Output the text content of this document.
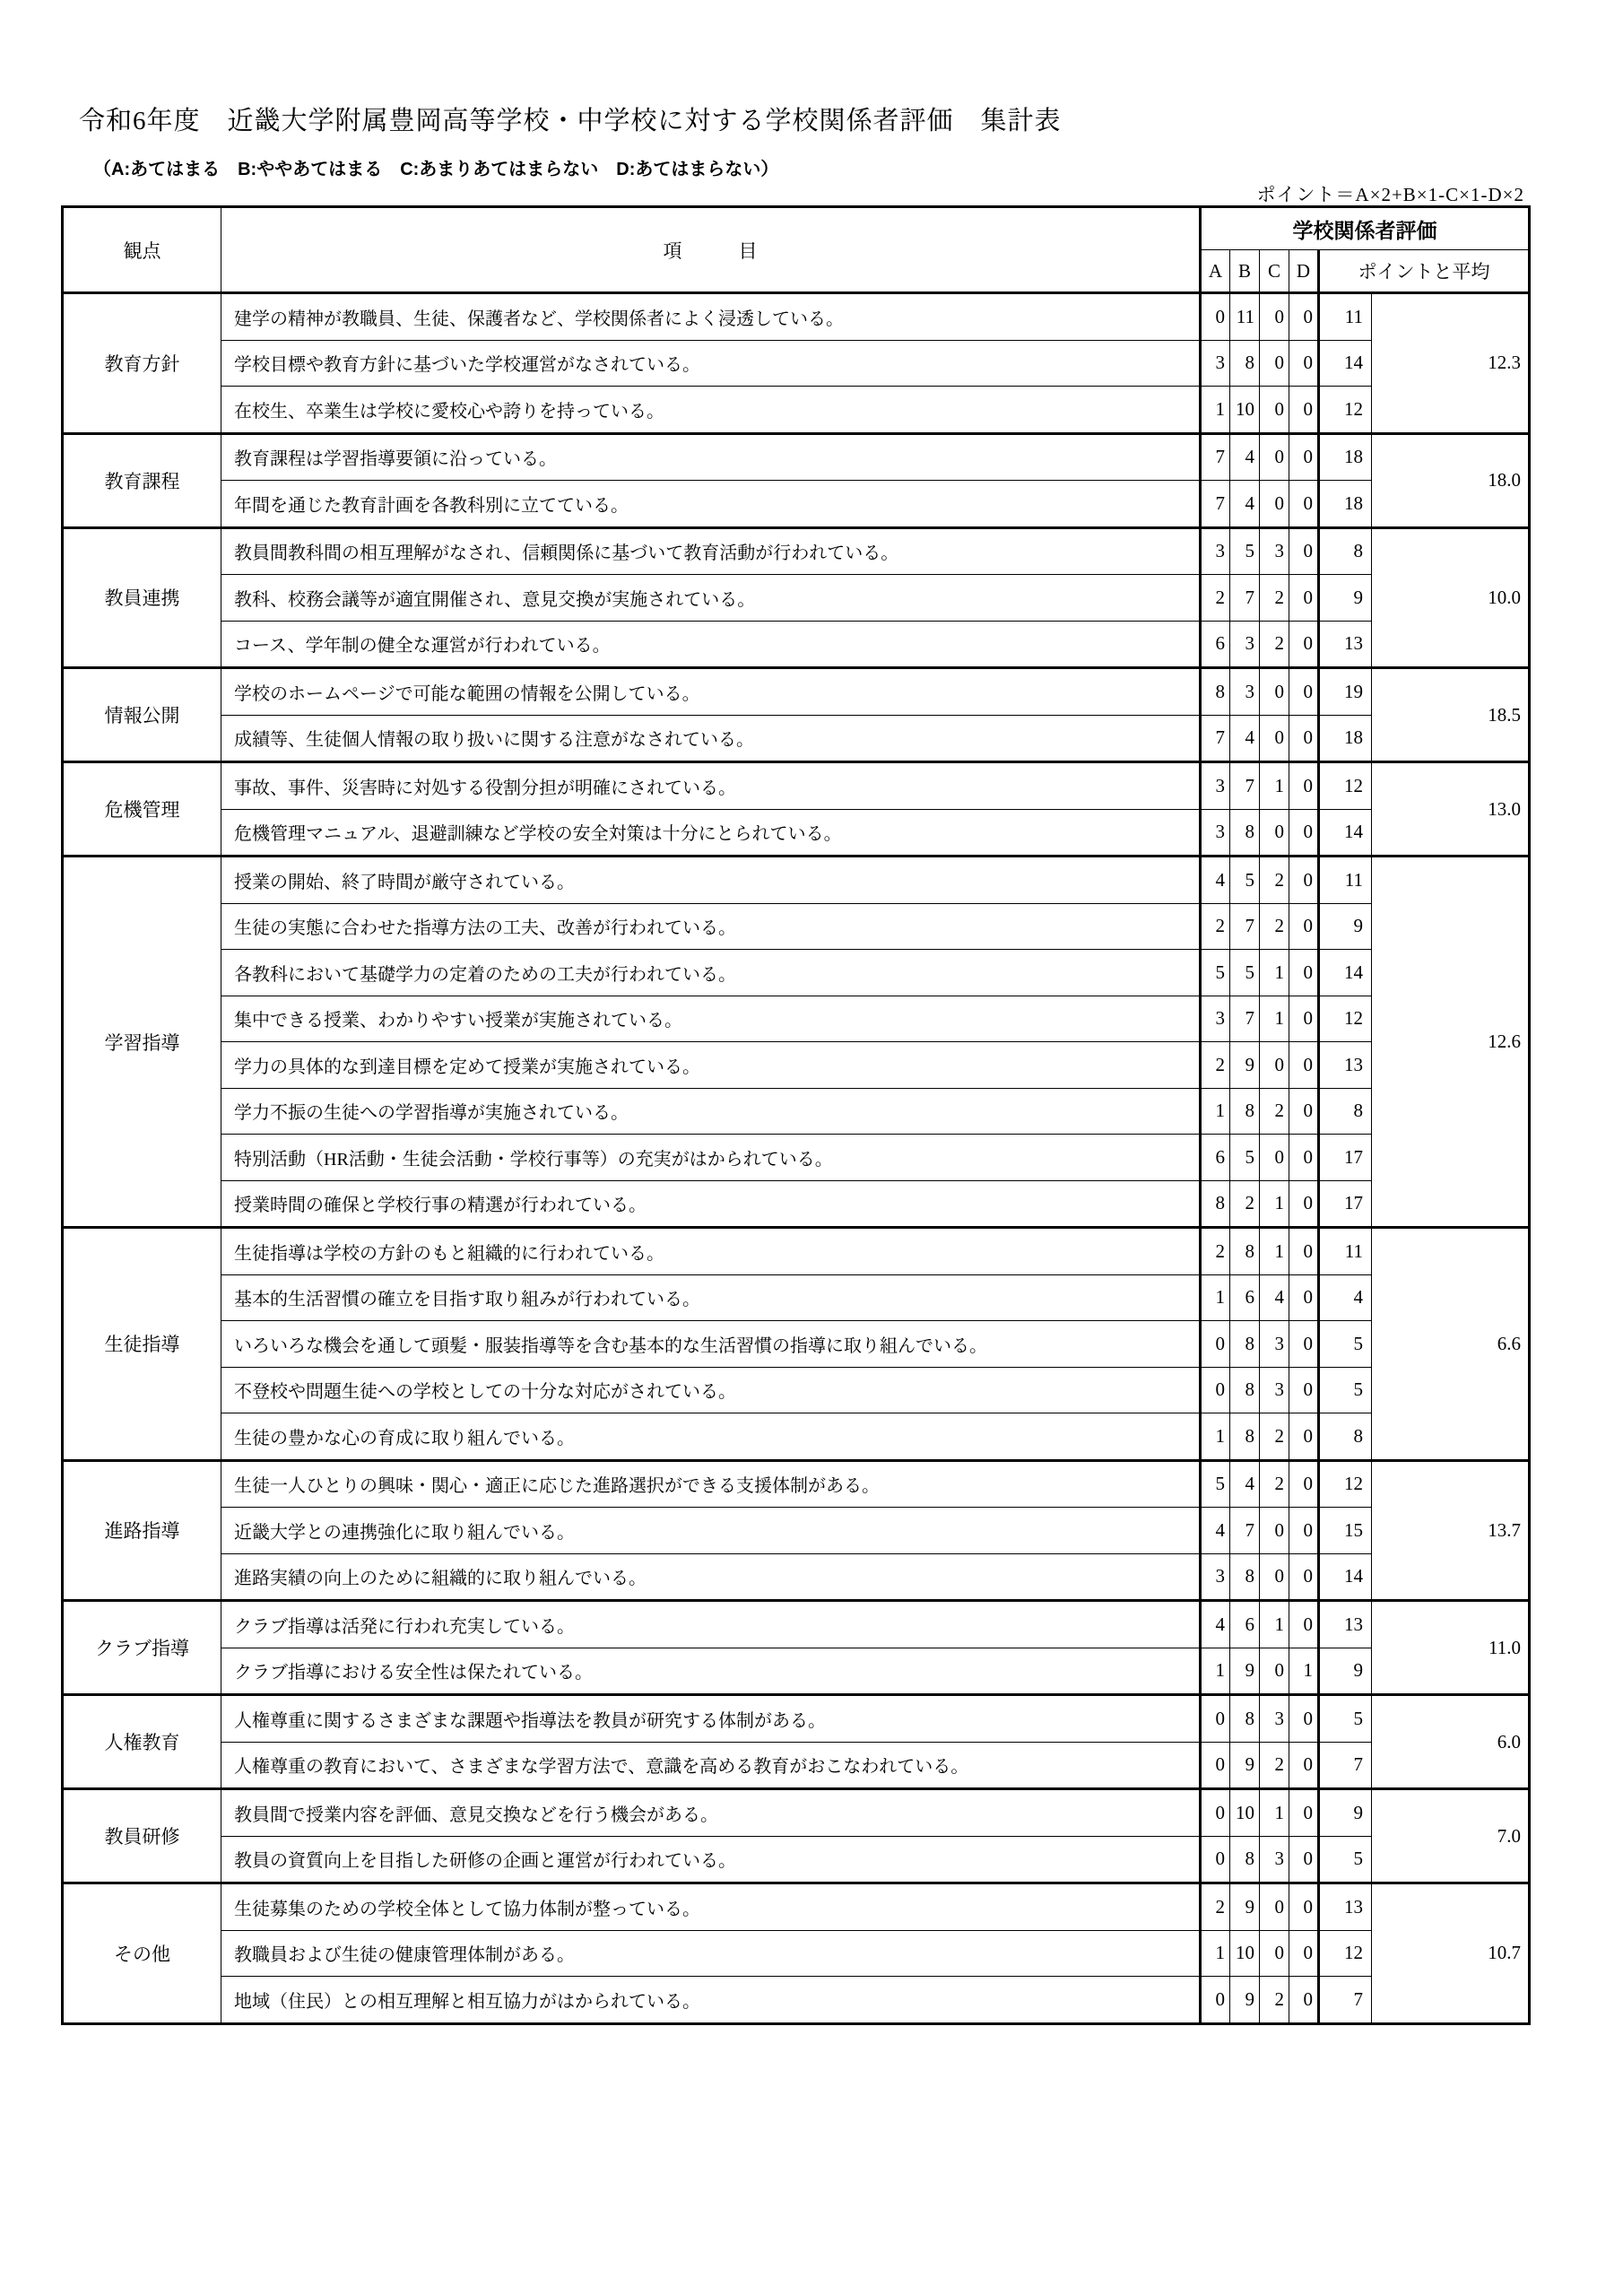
令和6年度　近畿大学附属豊岡高等学校・中学校に対する学校関係者評価　集計表
（A:あてはまる　B:ややあてはまる　C:あまりあてはまらない　D:あてはまらない）
ポイント＝A×2+B×1-C×1-D×2
観点	項　　　目	学校関係者評価					
		A	B	C	D	ポイントと平均	
教育方針	建学の精神が教職員、生徒、保護者など、学校関係者によく浸透している。	0	11	0	0	11	12.3
	学校目標や教育方針に基づいた学校運営がなされている。	3	8	0	0	14	
	在校生、卒業生は学校に愛校心や誇りを持っている。	1	10	0	0	12	
教育課程	教育課程は学習指導要領に沿っている。	7	4	0	0	18	18.0
	年間を通じた教育計画を各教科別に立てている。	7	4	0	0	18	
教員連携	教員間教科間の相互理解がなされ、信頼関係に基づいて教育活動が行われている。	3	5	3	0	8	10.0
	教科、校務会議等が適宜開催され、意見交換が実施されている。	2	7	2	0	9	
	コース、学年制の健全な運営が行われている。	6	3	2	0	13	
情報公開	学校のホームページで可能な範囲の情報を公開している。	8	3	0	0	19	18.5
	成績等、生徒個人情報の取り扱いに関する注意がなされている。	7	4	0	0	18	
危機管理	事故、事件、災害時に対処する役割分担が明確にされている。	3	7	1	0	12	13.0
	危機管理マニュアル、退避訓練など学校の安全対策は十分にとられている。	3	8	0	0	14	
学習指導	授業の開始、終了時間が厳守されている。	4	5	2	0	11	12.6
	生徒の実態に合わせた指導方法の工夫、改善が行われている。	2	7	2	0	9	
	各教科において基礎学力の定着のための工夫が行われている。	5	5	1	0	14	
	集中できる授業、わかりやすい授業が実施されている。	3	7	1	0	12	
	学力の具体的な到達目標を定めて授業が実施されている。	2	9	0	0	13	
	学力不振の生徒への学習指導が実施されている。	1	8	2	0	8	
	特別活動（HR活動・生徒会活動・学校行事等）の充実がはかられている。	6	5	0	0	17	
	授業時間の確保と学校行事の精選が行われている。	8	2	1	0	17	
生徒指導	生徒指導は学校の方針のもと組織的に行われている。	2	8	1	0	11	6.6
	基本的生活習慣の確立を目指す取り組みが行われている。	1	6	4	0	4	
	いろいろな機会を通して頭髪・服装指導等を含む基本的な生活習慣の指導に取り組んでいる。	0	8	3	0	5	
	不登校や問題生徒への学校としての十分な対応がされている。	0	8	3	0	5	
	生徒の豊かな心の育成に取り組んでいる。	1	8	2	0	8	
進路指導	生徒一人ひとりの興味・関心・適正に応じた進路選択ができる支援体制がある。	5	4	2	0	12	13.7
	近畿大学との連携強化に取り組んでいる。	4	7	0	0	15	
	進路実績の向上のために組織的に取り組んでいる。	3	8	0	0	14	
クラブ指導	クラブ指導は活発に行われ充実している。	4	6	1	0	13	11.0
	クラブ指導における安全性は保たれている。	1	9	0	1	9	
人権教育	人権尊重に関するさまざまな課題や指導法を教員が研究する体制がある。	0	8	3	0	5	6.0
	人権尊重の教育において、さまざまな学習方法で、意識を高める教育がおこなわれている。	0	9	2	0	7	
教員研修	教員間で授業内容を評価、意見交換などを行う機会がある。	0	10	1	0	9	7.0
	教員の資質向上を目指した研修の企画と運営が行われている。	0	8	3	0	5	
その他	生徒募集のための学校全体として協力体制が整っている。	2	9	0	0	13	10.7
	教職員および生徒の健康管理体制がある。	1	10	0	0	12	
	地域（住民）との相互理解と相互協力がはかられている。	0	9	2	0	7	
